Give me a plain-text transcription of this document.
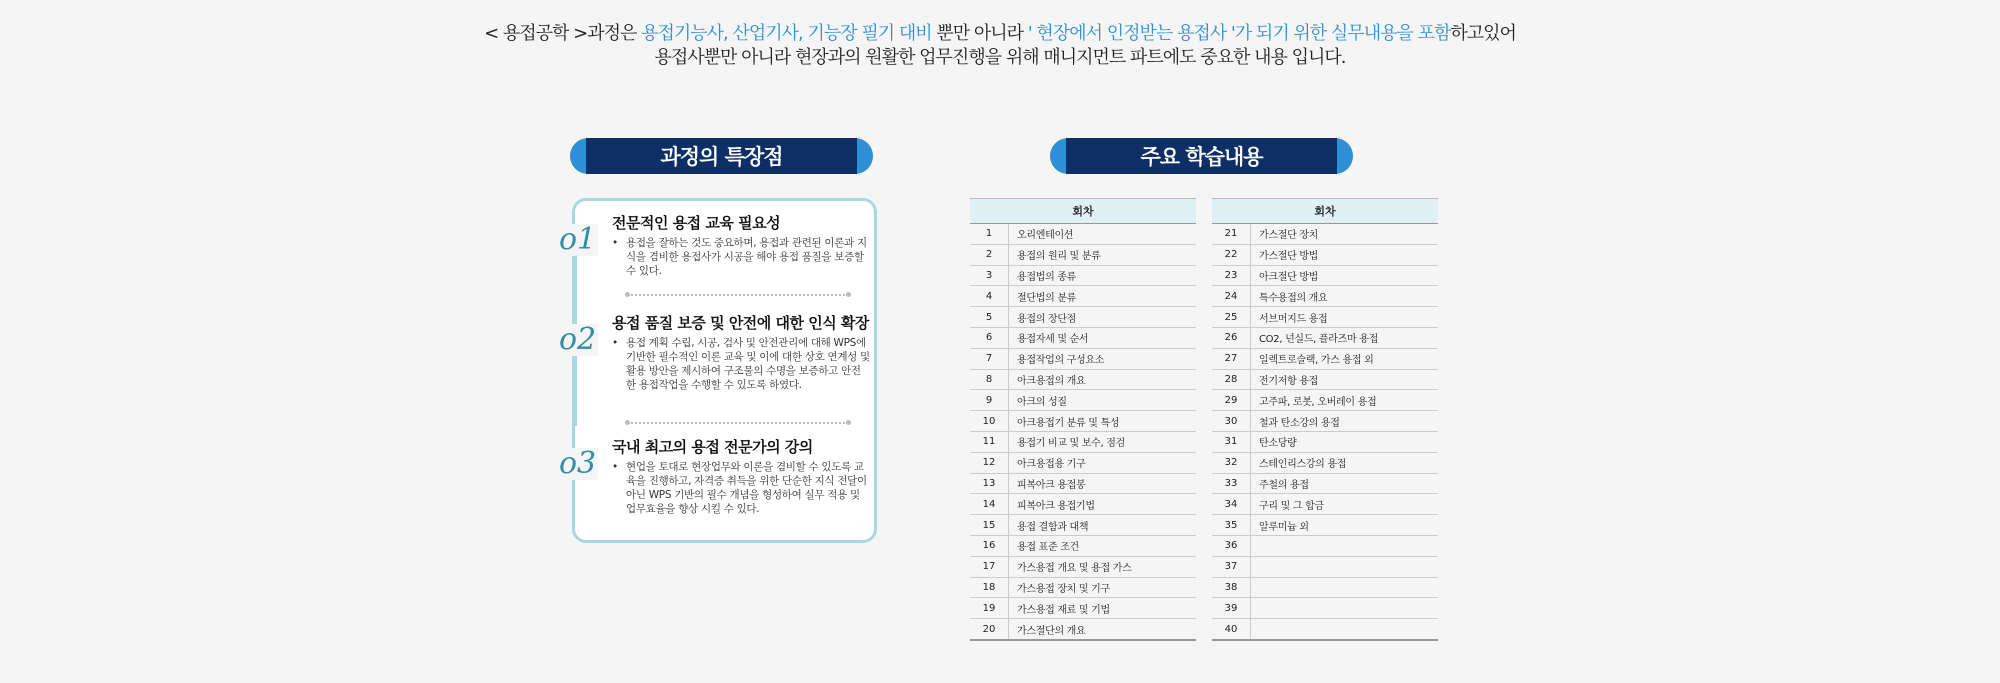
< 용접공학 >과정은 용접기능사, 산업기사, 기능장 필기 대비 뿐만 아니라 ' 현장에서 인정받는 용접사 '가 되기 위한 실무내용을 포함하고있어
용접사뿐만 아니라 현장과의 원활한 업무진행을 위해 매니지먼트 파트에도 중요한 내용 입니다.
과정의 특장점	주요 학습내용
o1 전문적인 용접 교육 필요성
• 용접을 잘하는 것도 중요하며, 용접과 관련된 이론과 지식을 겸비한 용접사가 시공을 해야 용접 품질을 보증할 수 있다.
o2 용접 품질 보증 및 안전에 대한 인식 확장
• 용접 계획 수립, 시공, 검사 및 안전관리에 대해 WPS에 기반한 필수적인 이론 교육 및 이에 대한 상호 연계성 및 활용 방안을 제시하여 구조물의 수명을 보증하고 안전한 용접작업을 수행할 수 있도록 하였다.
o3 국내 최고의 용접 전문가의 강의
• 현업을 토대로 현장업무와 이론을 겸비할 수 있도록 교육을 진행하고, 자격증 취득을 위한 단순한 지식 전달이 아닌 WPS 기반의 필수 개념을 형성하여 실무 적용 및 업무효율을 향상 시킬 수 있다.
회차	
1	오리엔테이션
2	용접의 원리 및 분류
3	용접법의 종류
4	절단법의 분류
5	용접의 장단점
6	용접자세 및 순서
7	용접작업의 구성요소
8	아크용접의 개요
9	아크의 성질
10	아크용접기 분류 및 특성
11	용접기 비교 및 보수, 점검
12	아크용접용 기구
13	피복아크 용접봉
14	피복아크 용접기법
15	용접 결함과 대책
16	용접 표준 조건
17	가스용접 개요 및 용접 가스
18	가스용접 장치 및 기구
19	가스용접 재료 및 기법
20	가스절단의 개요
회차	
21	가스절단 장치
22	가스절단 방법
23	아크절단 방법
24	특수용접의 개요
25	서브머지드 용접
26	CO2, 넌실드, 플라즈마 용접
27	일렉트로슬랙, 가스 용접 외
28	전기저항 용접
29	고주파, 로봇, 오버레이 용접
30	철과 탄소강의 용접
31	탄소당량
32	스테인리스강의 용접
33	주철의 용접
34	구리 및 그 합금
35	알루미늄 외
36	
37	
38	
39	
40	
